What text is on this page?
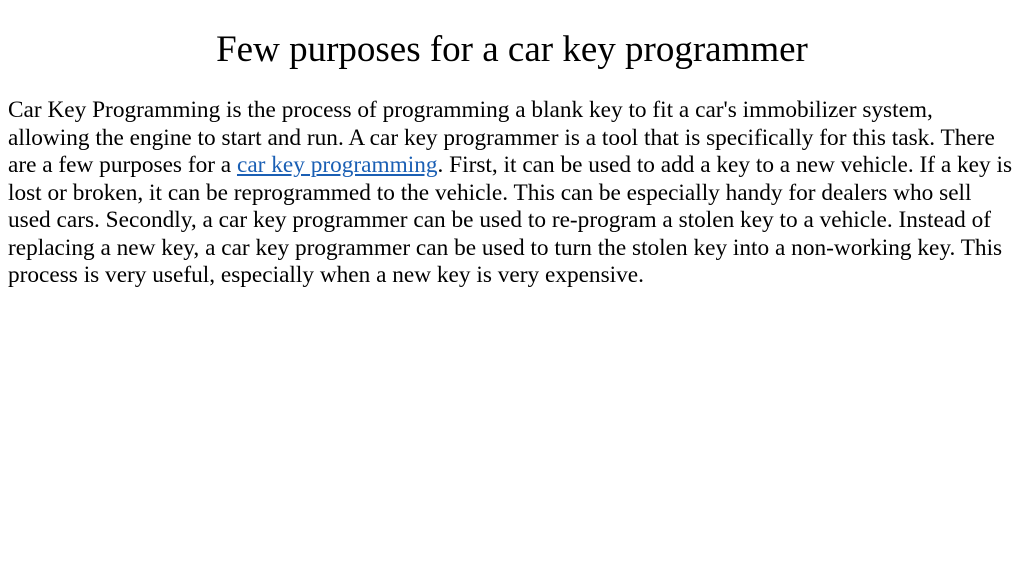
Few purposes for a car key programmer

Car Key Programming is the process of programming a blank key to fit a car's immobilizer system, allowing the engine to start and run. A car key programmer is a tool that is specifically for this task. There are a few purposes for a car key programming. First, it can be used to add a key to a new vehicle. If a key is lost or broken, it can be reprogrammed to the vehicle. This can be especially handy for dealers who sell used cars. Secondly, a car key programmer can be used to re-program a stolen key to a vehicle. Instead of replacing a new key, a car key programmer can be used to turn the stolen key into a non-working key. This process is very useful, especially when a new key is very expensive.
